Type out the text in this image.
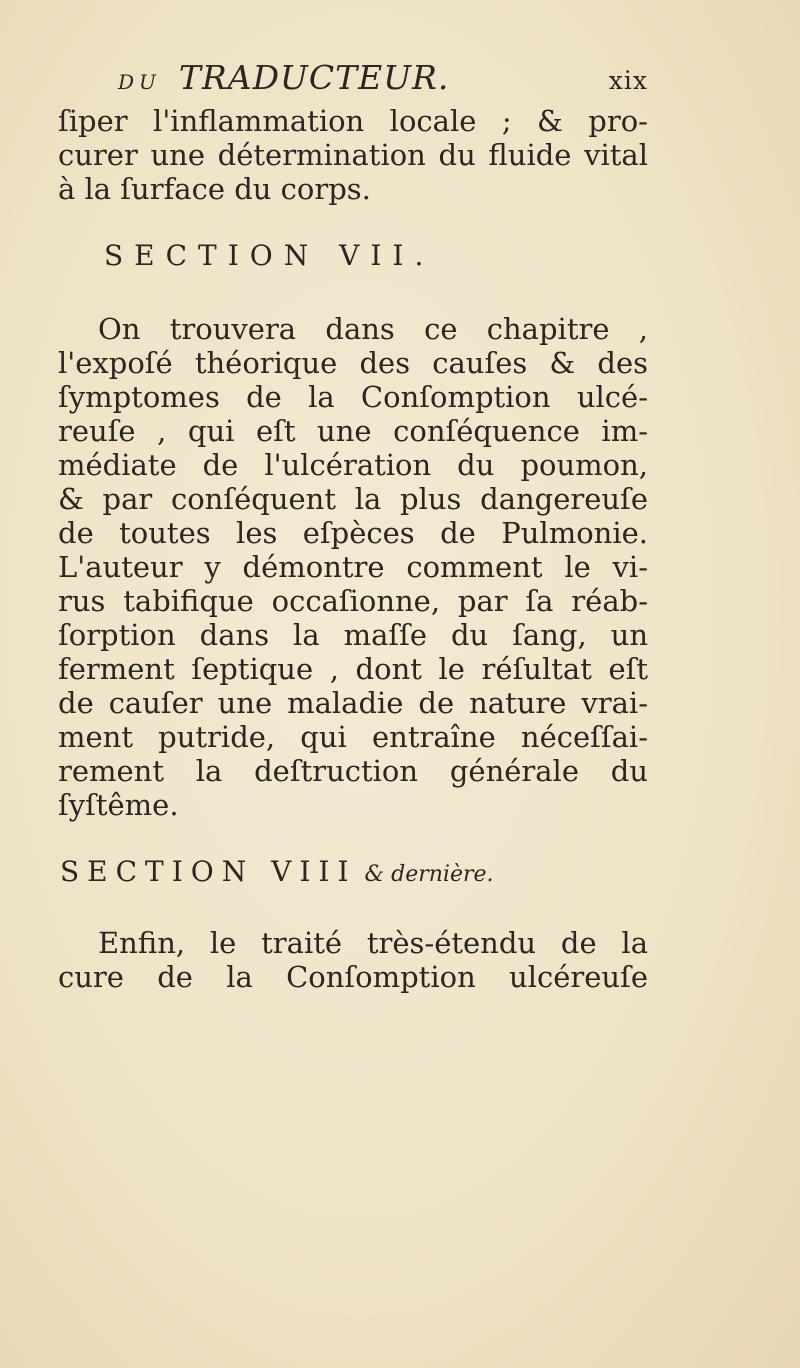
DU TRADUCTEUR.	xix
ſiper l'inflammation locale ; & pro-
curer une détermination du fluide vital
à la ſurface du corps.
SECTION VII.
On trouvera dans ce chapitre ,
l'expoſé théorique des cauſes & des
ſymptomes de la Conſomption ulcé-
reuſe , qui eſt une conſéquence im-
médiate de l'ulcération du poumon,
& par conſéquent la plus dangereuſe
de toutes les eſpèces de Pulmonie.
L'auteur y démontre comment le vi-
rus tabifique occaſionne, par ſa réab-
ſorption dans la maſſe du ſang, un
ferment ſeptique , dont le réſultat eſt
de cauſer une maladie de nature vrai-
ment putride, qui entraîne néceſſai-
rement la deſtruction générale du
ſyſtême.
SECTION VIII & dernière.
Enfin, le traité très-étendu de la
cure de la Conſomption ulcéreuſe
